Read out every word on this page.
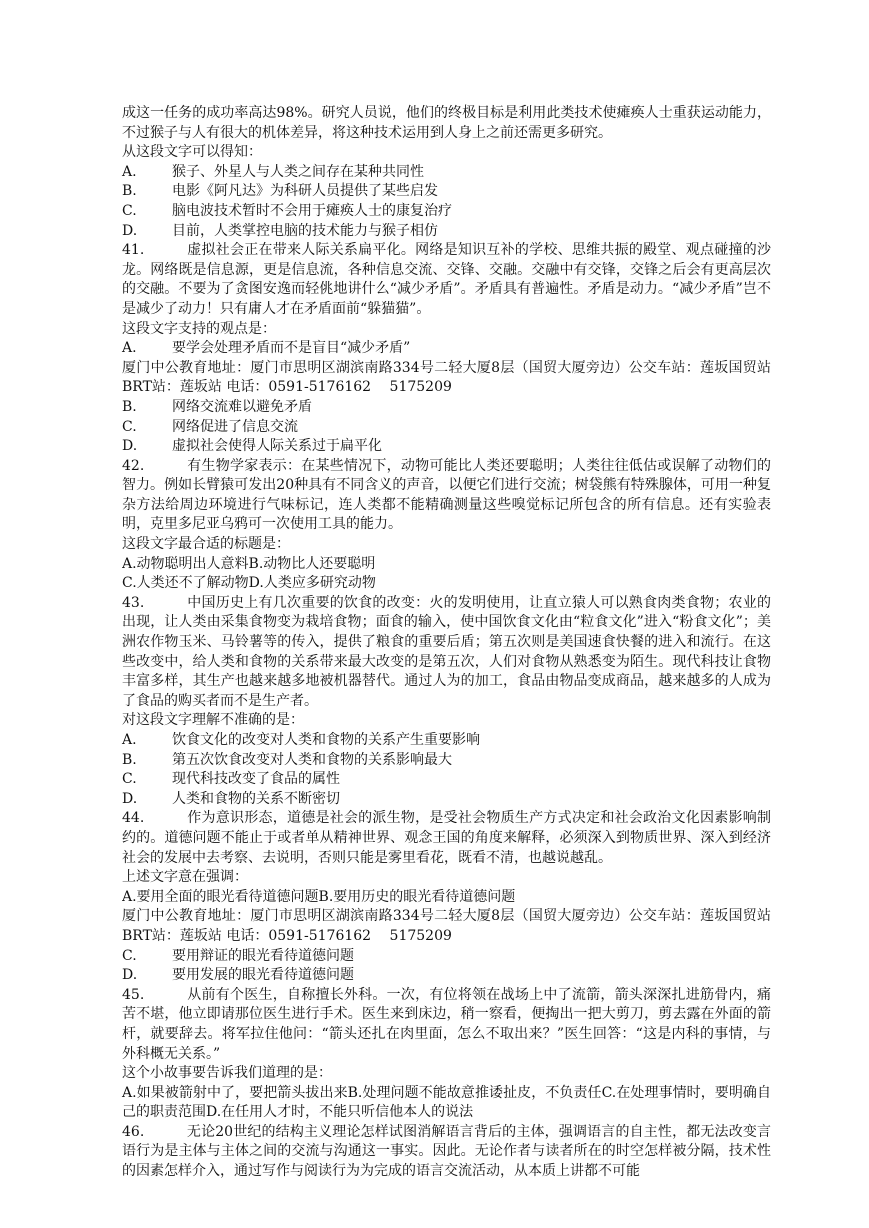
成这一任务的成功率高达98%。研究人员说，他们的终极目标是利用此类技术使瘫痪人士重获运动能力，不过猴子与人有很大的机体差异，将这种技术运用到人身上之前还需更多研究。
从这段文字可以得知：
A.	猴子、外星人与人类之间存在某种共同性
B.	电影《阿凡达》为科研人员提供了某些启发
C.	脑电波技术暂时不会用于瘫痪人士的康复治疗
D.	目前，人类掌控电脑的技术能力与猴子相仿
41.　　　	虚拟社会正在带来人际关系扁平化。网络是知识互补的学校、思维共振的殿堂、观点碰撞的沙龙。网络既是信息源，更是信息流，各种信息交流、交锋、交融。交融中有交锋，交锋之后会有更高层次的交融。不要为了贪图安逸而轻佻地讲什么“减少矛盾”。矛盾具有普遍性。矛盾是动力。“减少矛盾”岂不是减少了动力！只有庸人才在矛盾面前“躲猫猫”。
这段文字支持的观点是：
A.	要学会处理矛盾而不是盲目“减少矛盾”
厦门中公教育地址：厦门市思明区湖滨南路334号二轻大厦8层（国贸大厦旁边）公交车站：莲坂国贸站 BRT站：莲坂站 电话：0591-5176162　 5175209
B.	网络交流难以避免矛盾
C.	网络促进了信息交流
D.	虚拟社会使得人际关系过于扁平化
42.　　　	有生物学家表示：在某些情况下，动物可能比人类还要聪明；人类往往低估或误解了动物们的智力。例如长臂猿可发出20种具有不同含义的声音，以便它们进行交流；树袋熊有特殊腺体，可用一种复杂方法给周边环境进行气味标记，连人类都不能精确测量这些嗅觉标记所包含的所有信息。还有实验表明，克里多尼亚乌鸦可一次使用工具的能力。
这段文字最合适的标题是：
A.动物聪明出人意料B.动物比人还要聪明
C.人类还不了解动物D.人类应多研究动物
43.　　　	中国历史上有几次重要的饮食的改变：火的发明使用，让直立猿人可以熟食肉类食物；农业的出现，让人类由采集食物变为栽培食物；面食的输入，使中国饮食文化由“粒食文化”进入“粉食文化”；美洲农作物玉米、马铃薯等的传入，提供了粮食的重要后盾；第五次则是美国速食快餐的进入和流行。在这些改变中，给人类和食物的关系带来最大改变的是第五次，人们对食物从熟悉变为陌生。现代科技让食物丰富多样，其生产也越来越多地被机器替代。通过人为的加工，食品由物品变成商品，越来越多的人成为了食品的购买者而不是生产者。
对这段文字理解不准确的是：
A.	饮食文化的改变对人类和食物的关系产生重要影响
B.	第五次饮食改变对人类和食物的关系影响最大
C.	现代科技改变了食品的属性
D.	人类和食物的关系不断密切
44.　　　	作为意识形态，道德是社会的派生物，是受社会物质生产方式决定和社会政治文化因素影响制约的。道德问题不能止于或者单从精神世界、观念王国的角度来解释，必须深入到物质世界、深入到经济社会的发展中去考察、去说明，否则只能是雾里看花，既看不清，也越说越乱。
上述文字意在强调：
A.要用全面的眼光看待道德问题B.要用历史的眼光看待道德问题
厦门中公教育地址：厦门市思明区湖滨南路334号二轻大厦8层（国贸大厦旁边）公交车站：莲坂国贸站 BRT站：莲坂站 电话：0591-5176162　 5175209
C.	要用辩证的眼光看待道德问题
D.	要用发展的眼光看待道德问题
45.　　　	从前有个医生，自称擅长外科。一次，有位将领在战场上中了流箭，箭头深深扎进筋骨内，痛苦不堪，他立即请那位医生进行手术。医生来到床边，稍一察看，便掏出一把大剪刀，剪去露在外面的箭杆，就要辞去。将军拉住他问：“箭头还扎在肉里面，怎么不取出来？”医生回答：“这是内科的事情，与外科概无关系。”
这个小故事要告诉我们道理的是：
A.如果被箭射中了，要把箭头拔出来B.处理问题不能故意推诿扯皮，不负责任C.在处理事情时，要明确自己的职责范围D.在任用人才时，不能只听信他本人的说法
46.　　　	无论20世纪的结构主义理论怎样试图消解语言背后的主体，强调语言的自主性，都无法改变言语行为是主体与主体之间的交流与沟通这一事实。因此。无论作者与读者所在的时空怎样被分隔，技术性的因素怎样介入，通过写作与阅读行为为完成的语言交流活动，从本质上讲都不可能
